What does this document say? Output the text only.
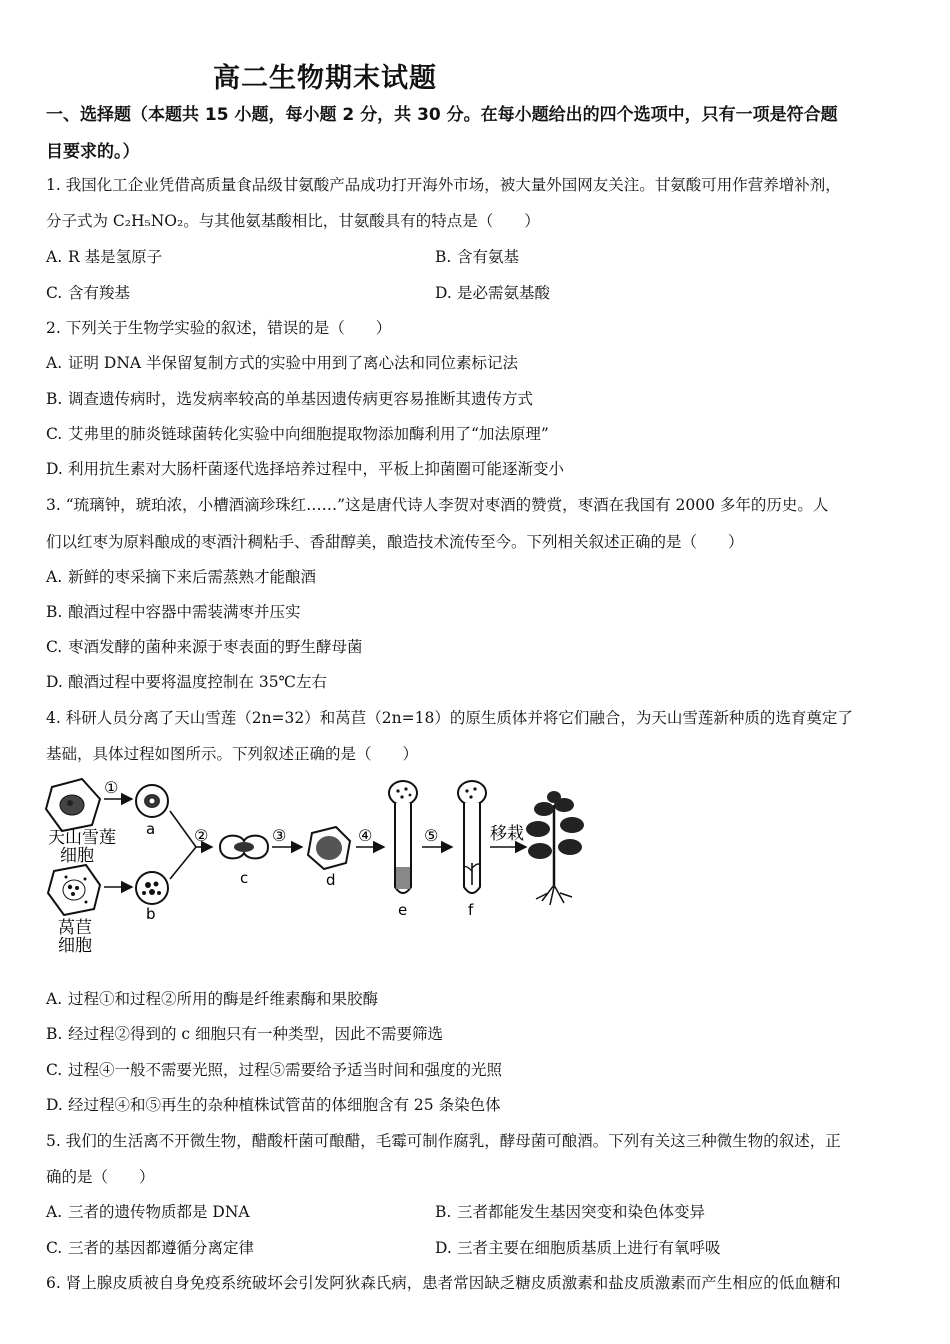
高二生物期末试题
一、选择题（本题共 15 小题，每小题 2 分，共 30 分。在每小题给出的四个选项中，只有一项是符合题
目要求的。）
1. 我国化工企业凭借高质量食品级甘氨酸产品成功打开海外市场，被大量外国网友关注。甘氨酸可用作营养增补剂，
分子式为 C₂H₅NO₂。与其他氨基酸相比，甘氨酸具有的特点是（　　）
A. R 基是氢原子	B. 含有氨基
C. 含有羧基	D. 是必需氨基酸
2. 下列关于生物学实验的叙述，错误的是（　　）
A. 证明 DNA 半保留复制方式的实验中用到了离心法和同位素标记法
B. 调查遗传病时，选发病率较高的单基因遗传病更容易推断其遗传方式
C. 艾弗里的肺炎链球菌转化实验中向细胞提取物添加酶利用了“加法原理”
D. 利用抗生素对大肠杆菌逐代选择培养过程中，平板上抑菌圈可能逐渐变小
3. “琉璃钟，琥珀浓，小槽酒滴珍珠红……”这是唐代诗人李贺对枣酒的赞赏，枣酒在我国有 2000 多年的历史。人
们以红枣为原料酿成的枣酒汁稠粘手、香甜醇美，酿造技术流传至今。下列相关叙述正确的是（　　）
A. 新鲜的枣采摘下来后需蒸熟才能酿酒
B. 酿酒过程中容器中需装满枣并压实
C. 枣酒发酵的菌种来源于枣表面的野生酵母菌
D. 酿酒过程中要将温度控制在 35℃左右
4. 科研人员分离了天山雪莲（2n=32）和莴苣（2n=18）的原生质体并将它们融合，为天山雪莲新种质的选育奠定了
基础，具体过程如图所示。下列叙述正确的是（　　）
天山雪莲
细胞
①
a
莴苣
细胞
b
②
c
③
d
④
e
⑤
f
移栽
A. 过程①和过程②所用的酶是纤维素酶和果胶酶
B. 经过程②得到的 c 细胞只有一种类型，因此不需要筛选
C. 过程④一般不需要光照，过程⑤需要给予适当时间和强度的光照
D. 经过程④和⑤再生的杂种植株试管苗的体细胞含有 25 条染色体
5. 我们的生活离不开微生物，醋酸杆菌可酿醋，毛霉可制作腐乳，酵母菌可酿酒。下列有关这三种微生物的叙述，正
确的是（　　）
A. 三者的遗传物质都是 DNA	B. 三者都能发生基因突变和染色体变异
C. 三者的基因都遵循分离定律	D. 三者主要在细胞质基质上进行有氧呼吸
6. 肾上腺皮质被自身免疫系统破坏会引发阿狄森氏病，患者常因缺乏糖皮质激素和盐皮质激素而产生相应的低血糖和
